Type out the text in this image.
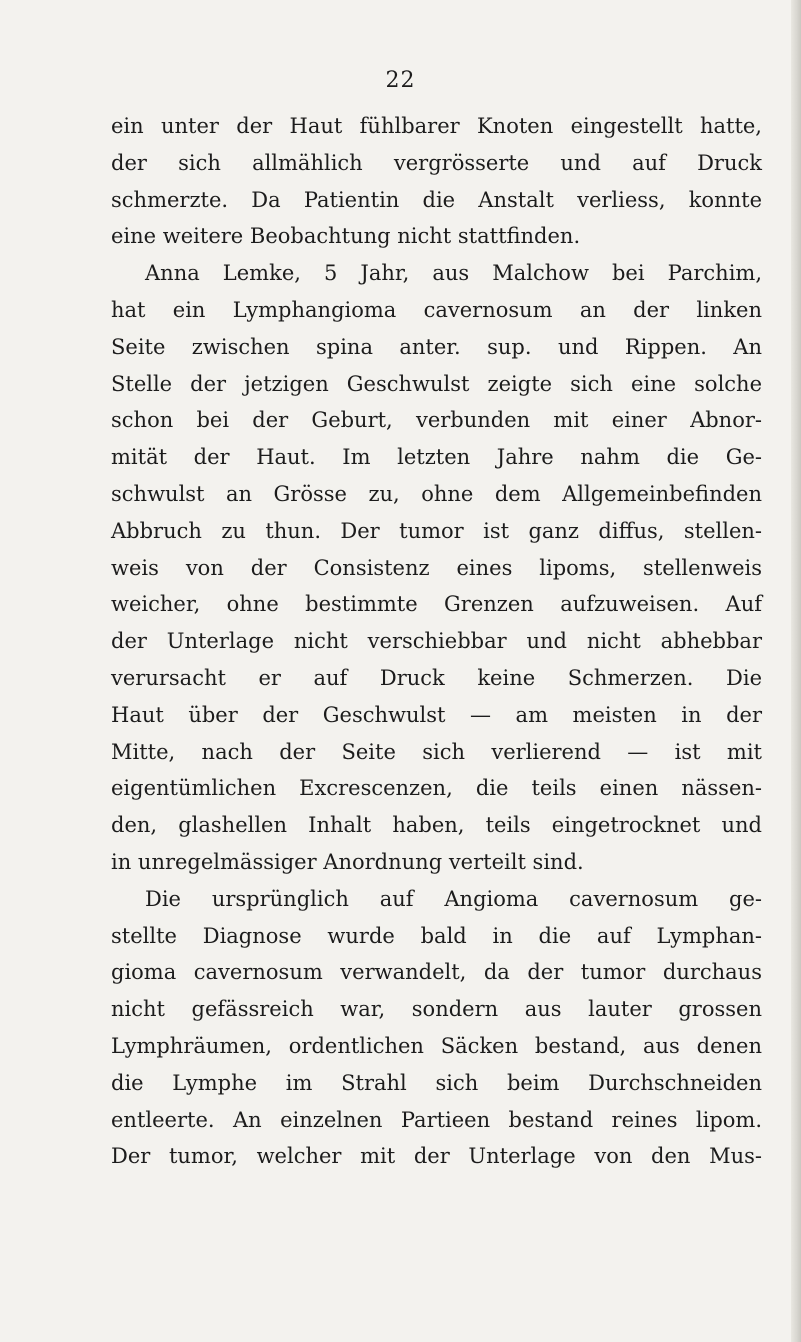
22
ein unter der Haut fühlbarer Knoten eingestellt hatte,
der sich allmählich vergrösserte und auf Druck
schmerzte. Da Patientin die Anstalt verliess, konnte
eine weitere Beobachtung nicht stattfinden.
Anna Lemke, 5 Jahr, aus Malchow bei Parchim,
hat ein Lymphangioma cavernosum an der linken
Seite zwischen spina anter. sup. und Rippen. An
Stelle der jetzigen Geschwulst zeigte sich eine solche
schon bei der Geburt, verbunden mit einer Abnor-
mität der Haut. Im letzten Jahre nahm die Ge-
schwulst an Grösse zu, ohne dem Allgemeinbefinden
Abbruch zu thun. Der tumor ist ganz diffus, stellen-
weis von der Consistenz eines lipoms, stellenweis
weicher, ohne bestimmte Grenzen aufzuweisen. Auf
der Unterlage nicht verschiebbar und nicht abhebbar
verursacht er auf Druck keine Schmerzen. Die
Haut über der Geschwulst — am meisten in der
Mitte, nach der Seite sich verlierend — ist mit
eigentümlichen Excrescenzen, die teils einen nässen-
den, glashellen Inhalt haben, teils eingetrocknet und
in unregelmässiger Anordnung verteilt sind.
Die ursprünglich auf Angioma cavernosum ge-
stellte Diagnose wurde bald in die auf Lymphan-
gioma cavernosum verwandelt, da der tumor durchaus
nicht gefässreich war, sondern aus lauter grossen
Lymphräumen, ordentlichen Säcken bestand, aus denen
die Lymphe im Strahl sich beim Durchschneiden
entleerte. An einzelnen Partieen bestand reines lipom.
Der tumor, welcher mit der Unterlage von den Mus-
